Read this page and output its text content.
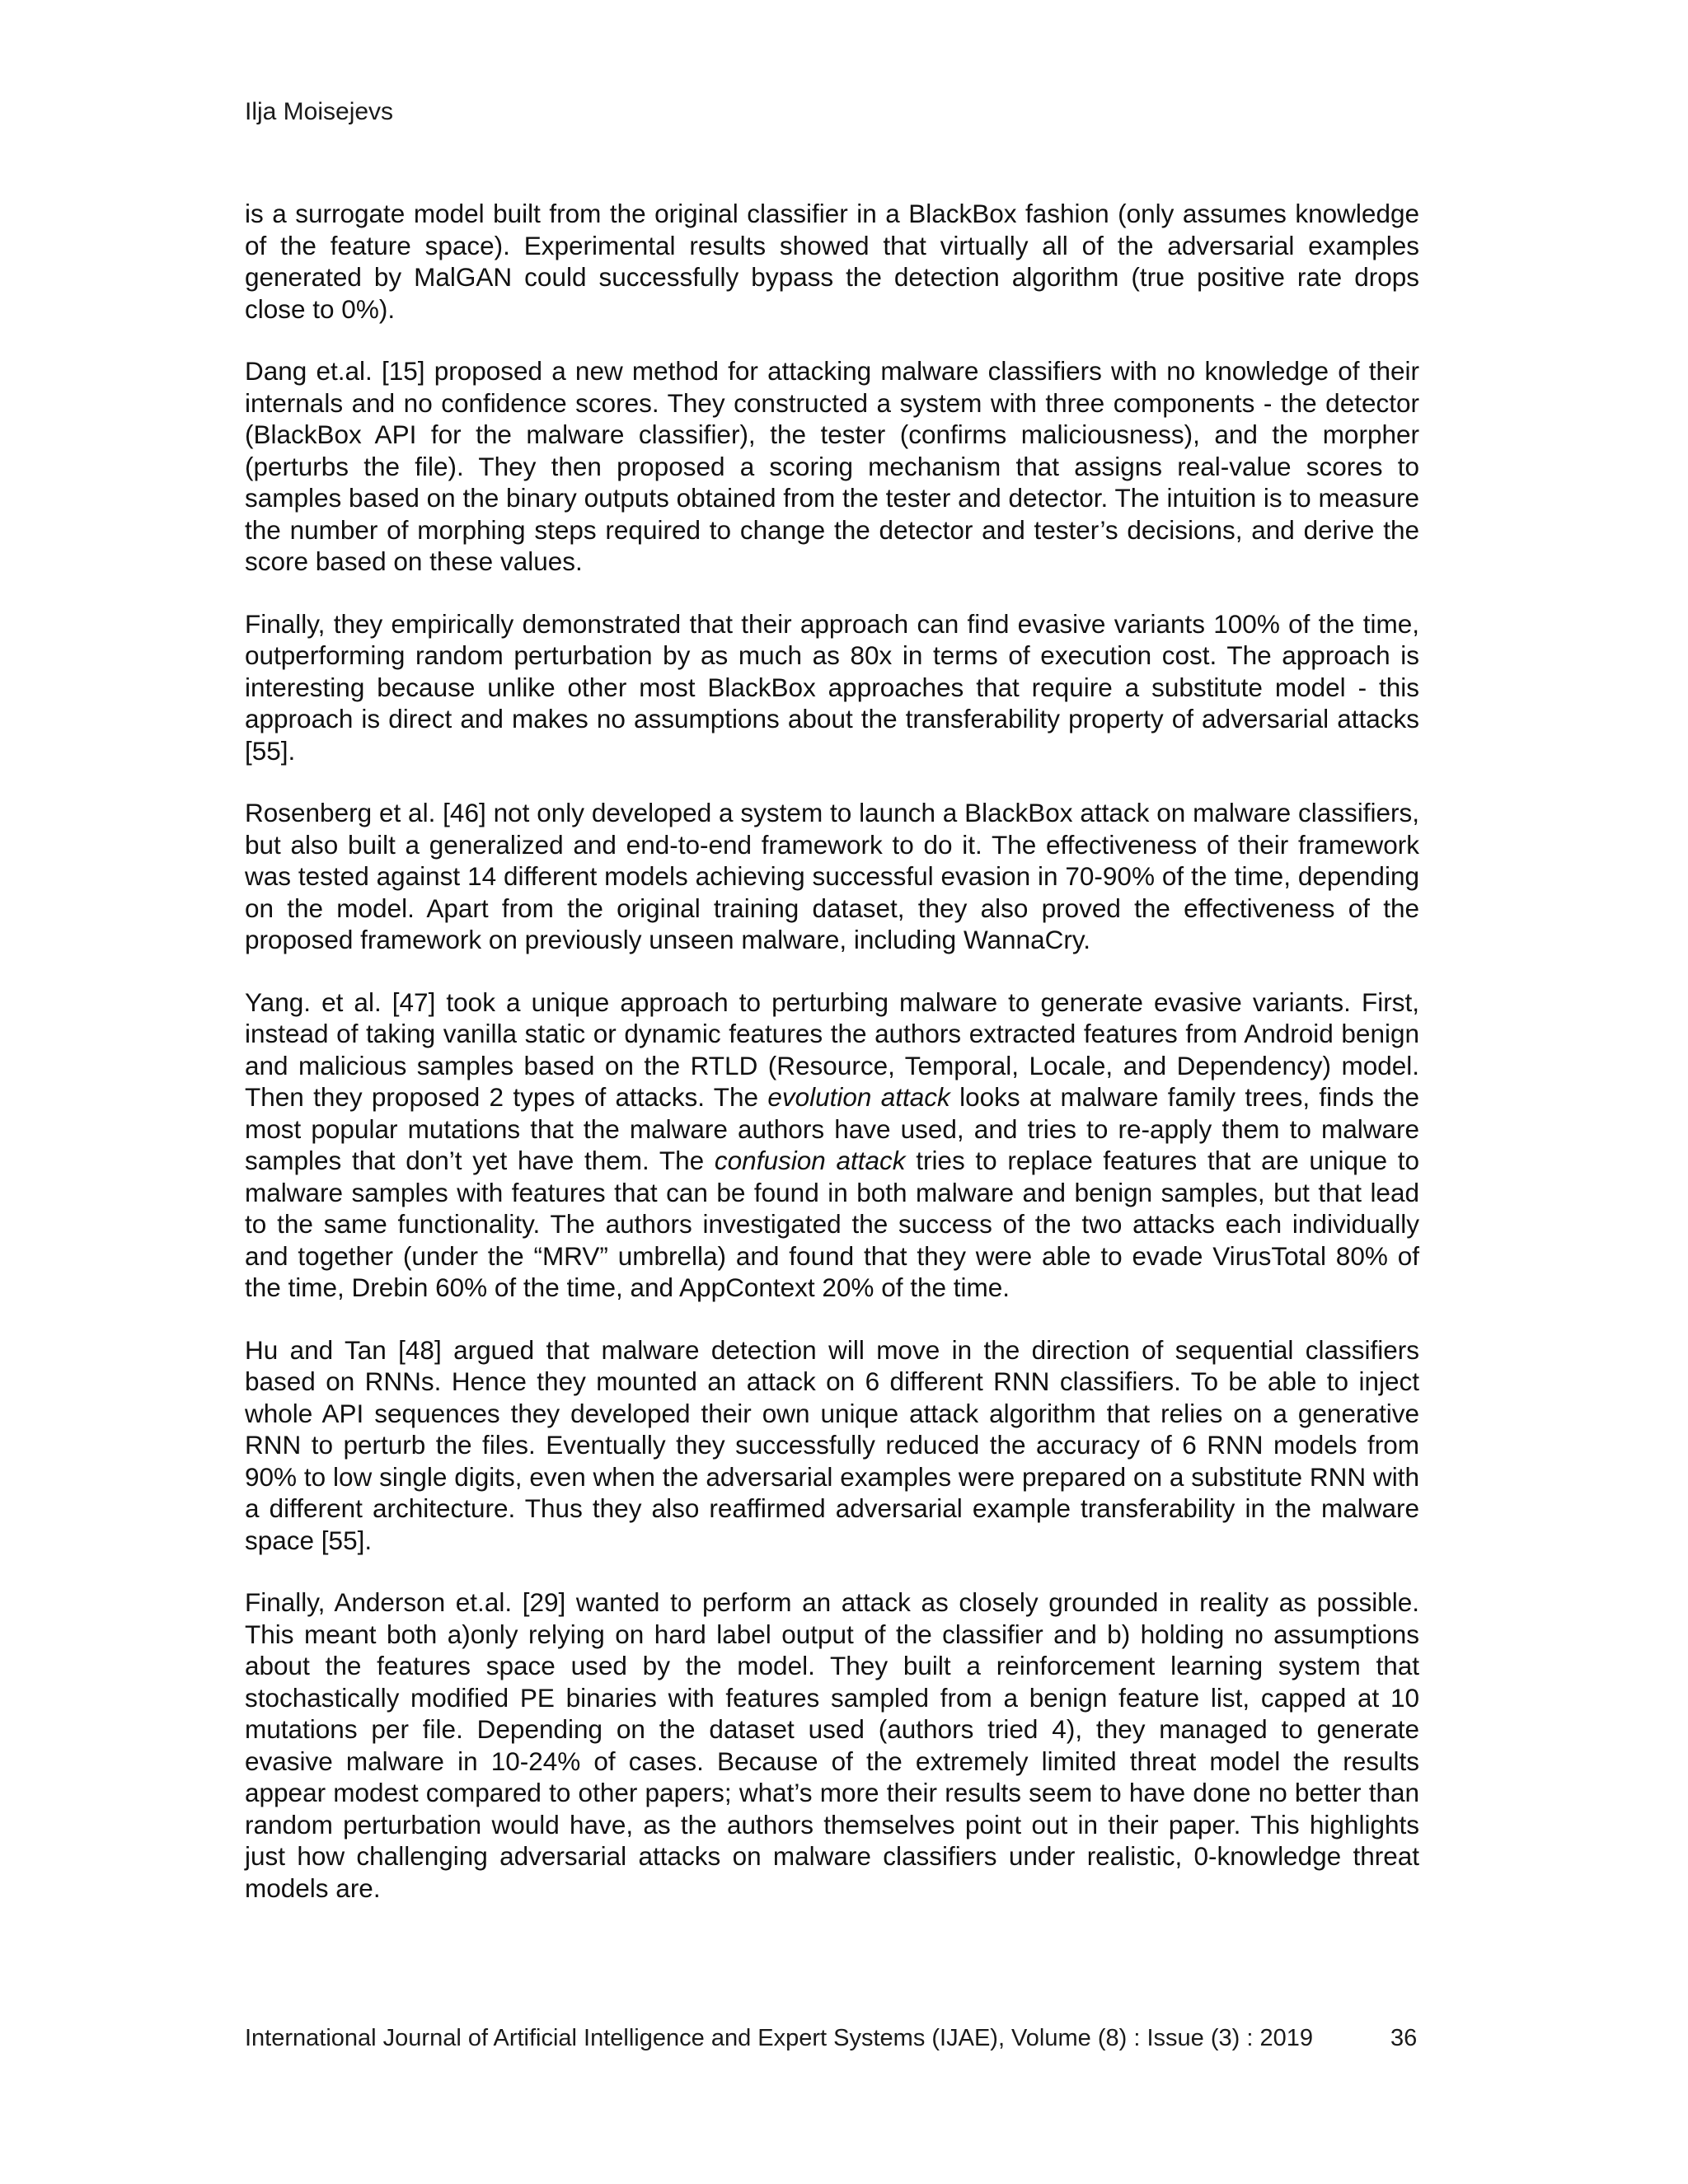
Ilja Moisejevs

is a surrogate model built from the original classifier in a BlackBox fashion (only assumes knowledge of the feature space). Experimental results showed that virtually all of the adversarial examples generated by MalGAN could successfully bypass the detection algorithm (true positive rate drops close to 0%).

Dang et.al. [15] proposed a new method for attacking malware classifiers with no knowledge of their internals and no confidence scores. They constructed a system with three components - the detector (BlackBox API for the malware classifier), the tester (confirms maliciousness), and the morpher (perturbs the file). They then proposed a scoring mechanism that assigns real-value scores to samples based on the binary outputs obtained from the tester and detector. The intuition is to measure the number of morphing steps required to change the detector and tester’s decisions, and derive the score based on these values.

Finally, they empirically demonstrated that their approach can find evasive variants 100% of the time, outperforming random perturbation by as much as 80x in terms of execution cost. The approach is interesting because unlike other most BlackBox approaches that require a substitute model - this approach is direct and makes no assumptions about the transferability property of adversarial attacks [55].

Rosenberg et al. [46] not only developed a system to launch a BlackBox attack on malware classifiers, but also built a generalized and end-to-end framework to do it. The effectiveness of their framework was tested against 14 different models achieving successful evasion in 70-90% of the time, depending on the model. Apart from the original training dataset, they also proved the effectiveness of the proposed framework on previously unseen malware, including WannaCry.

Yang. et al. [47] took a unique approach to perturbing malware to generate evasive variants. First, instead of taking vanilla static or dynamic features the authors extracted features from Android benign and malicious samples based on the RTLD (Resource, Temporal, Locale, and Dependency) model. Then they proposed 2 types of attacks. The evolution attack looks at malware family trees, finds the most popular mutations that the malware authors have used, and tries to re-apply them to malware samples that don’t yet have them. The confusion attack tries to replace features that are unique to malware samples with features that can be found in both malware and benign samples, but that lead to the same functionality. The authors investigated the success of the two attacks each individually and together (under the “MRV” umbrella) and found that they were able to evade VirusTotal 80% of the time, Drebin 60% of the time, and AppContext 20% of the time.

Hu and Tan [48] argued that malware detection will move in the direction of sequential classifiers based on RNNs. Hence they mounted an attack on 6 different RNN classifiers. To be able to inject whole API sequences they developed their own unique attack algorithm that relies on a generative RNN to perturb the files. Eventually they successfully reduced the accuracy of 6 RNN models from 90% to low single digits, even when the adversarial examples were prepared on a substitute RNN with a different architecture. Thus they also reaffirmed adversarial example transferability in the malware space [55].

Finally, Anderson et.al. [29] wanted to perform an attack as closely grounded in reality as possible. This meant both a)only relying on hard label output of the classifier and b) holding no assumptions about the features space used by the model. They built a reinforcement learning system that stochastically modified PE binaries with features sampled from a benign feature list, capped at 10 mutations per file. Depending on the dataset used (authors tried 4), they managed to generate evasive malware in 10-24% of cases. Because of the extremely limited threat model the results appear modest compared to other papers; what’s more their results seem to have done no better than random perturbation would have, as the authors themselves point out in their paper. This highlights just how challenging adversarial attacks on malware classifiers under realistic, 0-knowledge threat models are.

International Journal of Artificial Intelligence and Expert Systems (IJAE), Volume (8) : Issue (3) : 2019	36
